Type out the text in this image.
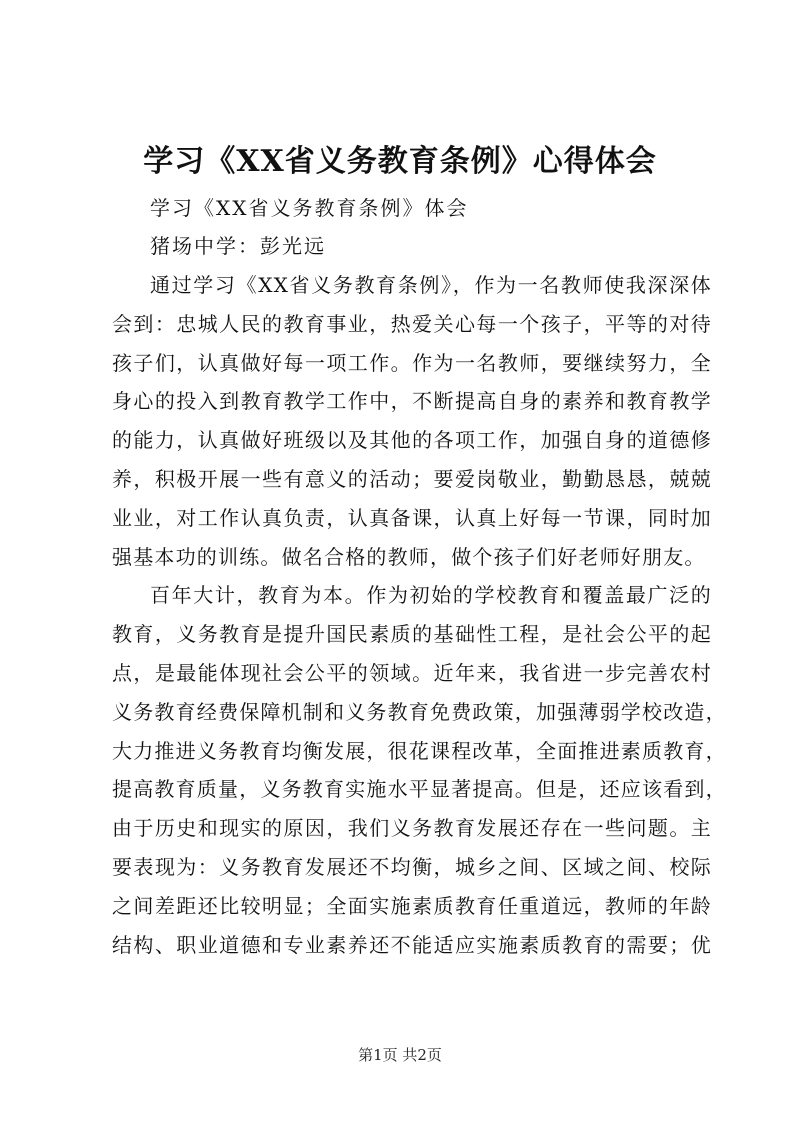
学习《XX省义务教育条例》心得体会

学习《XX省义务教育条例》体会

猪场中学：彭光远

通过学习《XX省义务教育条例》，作为一名教师使我深深体
会到：忠城人民的教育事业，热爱关心每一个孩子，平等的对待
孩子们，认真做好每一项工作。作为一名教师，要继续努力，全
身心的投入到教育教学工作中，不断提高自身的素养和教育教学
的能力，认真做好班级以及其他的各项工作，加强自身的道德修
养，积极开展一些有意义的活动；要爱岗敬业，勤勤恳恳，兢兢
业业，对工作认真负责，认真备课，认真上好每一节课，同时加
强基本功的训练。做名合格的教师，做个孩子们好老师好朋友。

百年大计，教育为本。作为初始的学校教育和覆盖最广泛的
教育，义务教育是提升国民素质的基础性工程，是社会公平的起
点，是最能体现社会公平的领域。近年来，我省进一步完善农村
义务教育经费保障机制和义务教育免费政策，加强薄弱学校改造，
大力推进义务教育均衡发展，很花课程改革，全面推进素质教育，
提高教育质量，义务教育实施水平显著提高。但是，还应该看到，
由于历史和现实的原因，我们义务教育发展还存在一些问题。主
要表现为：义务教育发展还不均衡，城乡之间、区域之间、校际
之间差距还比较明显；全面实施素质教育任重道远，教师的年龄
结构、职业道德和专业素养还不能适应实施素质教育的需要；优

第1页 共2页
